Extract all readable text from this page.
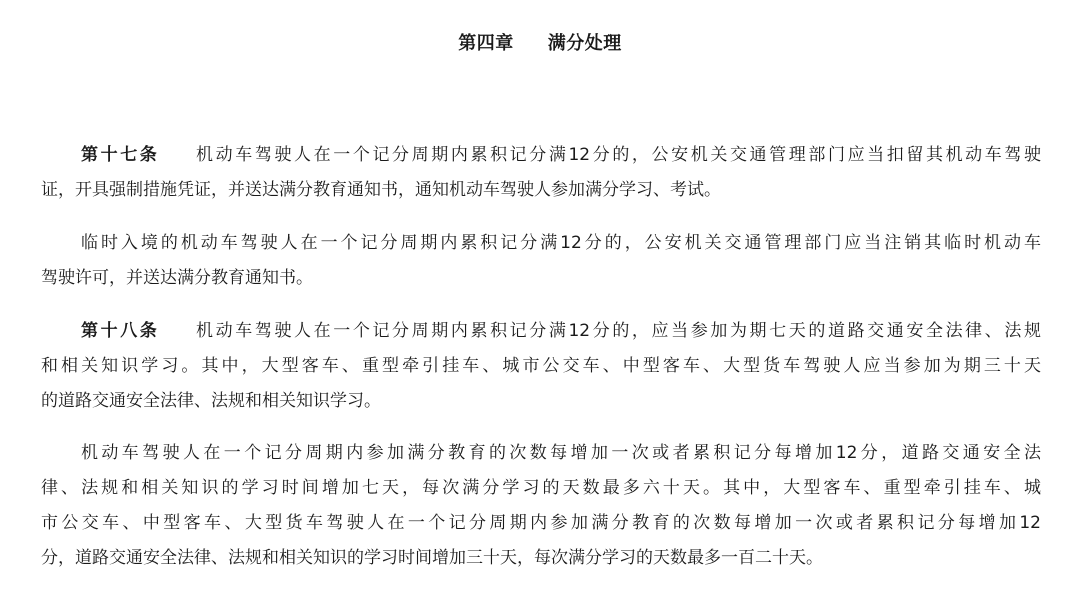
第四章 满分处理
第十七条 机动车驾驶人在一个记分周期内累积记分满12分的，公安机关交通管理部门应当扣留其机动车驾驶
证，开具强制措施凭证，并送达满分教育通知书，通知机动车驾驶人参加满分学习、考试。
临时入境的机动车驾驶人在一个记分周期内累积记分满12分的，公安机关交通管理部门应当注销其临时机动车
驾驶许可，并送达满分教育通知书。
第十八条 机动车驾驶人在一个记分周期内累积记分满12分的，应当参加为期七天的道路交通安全法律、法规
和相关知识学习。其中，大型客车、重型牵引挂车、城市公交车、中型客车、大型货车驾驶人应当参加为期三十天
的道路交通安全法律、法规和相关知识学习。
机动车驾驶人在一个记分周期内参加满分教育的次数每增加一次或者累积记分每增加12分，道路交通安全法
律、法规和相关知识的学习时间增加七天，每次满分学习的天数最多六十天。其中，大型客车、重型牵引挂车、城
市公交车、中型客车、大型货车驾驶人在一个记分周期内参加满分教育的次数每增加一次或者累积记分每增加12
分，道路交通安全法律、法规和相关知识的学习时间增加三十天，每次满分学习的天数最多一百二十天。
